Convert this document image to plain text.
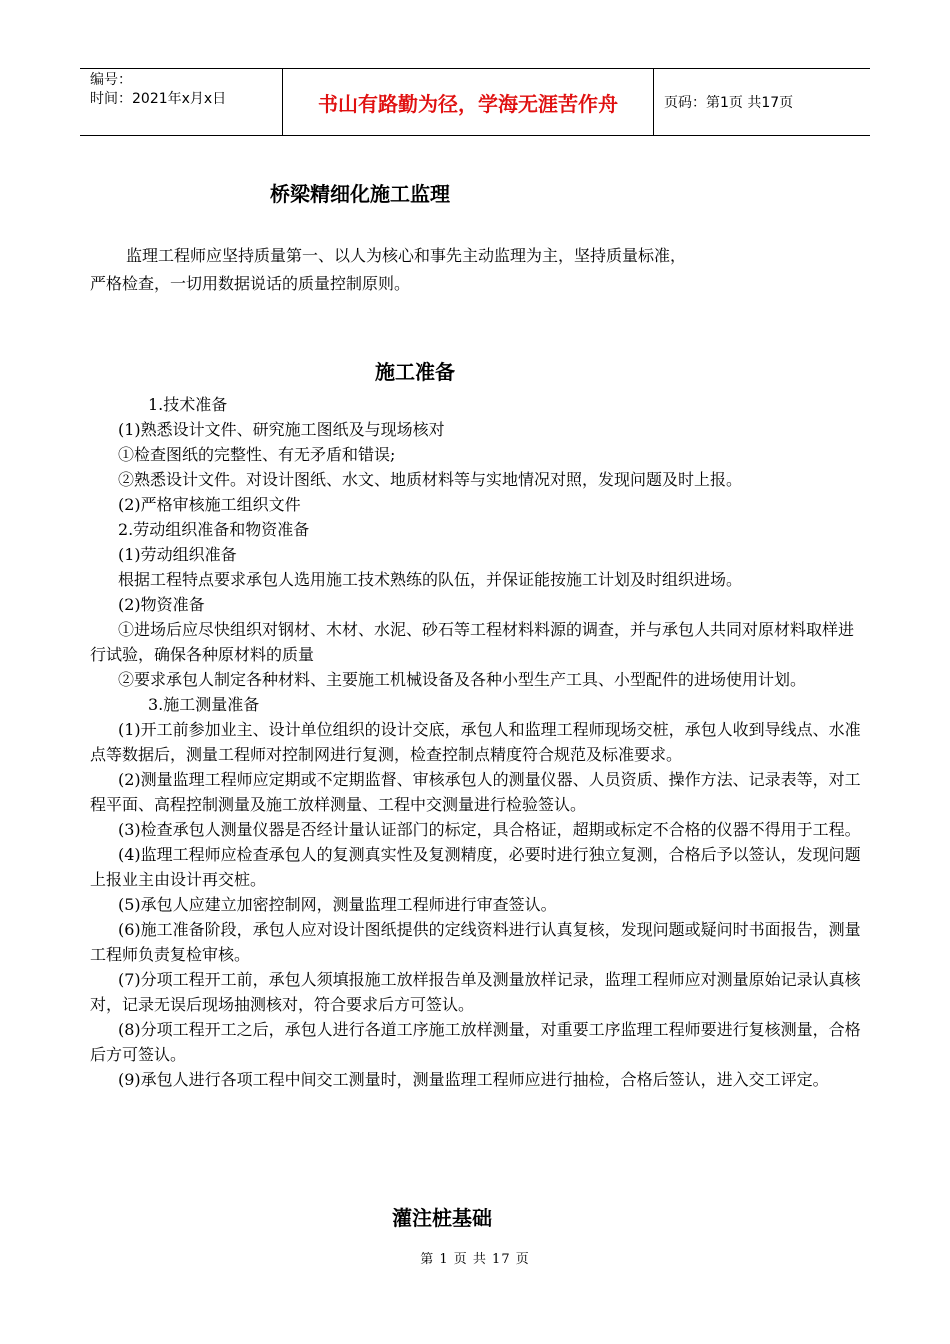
编号：
时间：2021年x月x日	书山有路勤为径，学海无涯苦作舟	页码：第1页 共17页
桥梁精细化施工监理

监理工程师应坚持质量第一、以人为核心和事先主动监理为主，坚持质量标准，

严格检查，一切用数据说话的质量控制原则。

施工准备

1.技术准备

(1)熟悉设计文件、研究施工图纸及与现场核对

①检查图纸的完整性、有无矛盾和错误;

②熟悉设计文件。对设计图纸、水文、地质材料等与实地情况对照，发现问题及时上报。

(2)严格审核施工组织文件

2.劳动组织准备和物资准备

(1)劳动组织准备

根据工程特点要求承包人选用施工技术熟练的队伍，并保证能按施工计划及时组织进场。

(2)物资准备

①进场后应尽快组织对钢材、木材、水泥、砂石等工程材料料源的调查，并与承包人共同对原材料取样进行试验，确保各种原材料的质量

②要求承包人制定各种材料、主要施工机械设备及各种小型生产工具、小型配件的进场使用计划。

3.施工测量准备

(1)开工前参加业主、设计单位组织的设计交底，承包人和监理工程师现场交桩，承包人收到导线点、水准点等数据后，测量工程师对控制网进行复测，检查控制点精度符合规范及标准要求。

(2)测量监理工程师应定期或不定期监督、审核承包人的测量仪器、人员资质、操作方法、记录表等，对工程平面、高程控制测量及施工放样测量、工程中交测量进行检验签认。

(3)检查承包人测量仪器是否经计量认证部门的标定，具合格证，超期或标定不合格的仪器不得用于工程。

(4)监理工程师应检查承包人的复测真实性及复测精度，必要时进行独立复测，合格后予以签认，发现问题上报业主由设计再交桩。

(5)承包人应建立加密控制网，测量监理工程师进行审查签认。

(6)施工准备阶段，承包人应对设计图纸提供的定线资料进行认真复核，发现问题或疑问时书面报告，测量工程师负责复检审核。

(7)分项工程开工前，承包人须填报施工放样报告单及测量放样记录，监理工程师应对测量原始记录认真核对，记录无误后现场抽测核对，符合要求后方可签认。

(8)分项工程开工之后，承包人进行各道工序施工放样测量，对重要工序监理工程师要进行复核测量，合格后方可签认。

(9)承包人进行各项工程中间交工测量时，测量监理工程师应进行抽检，合格后签认，进入交工评定。

灌注桩基础
第 1 页 共 17 页
